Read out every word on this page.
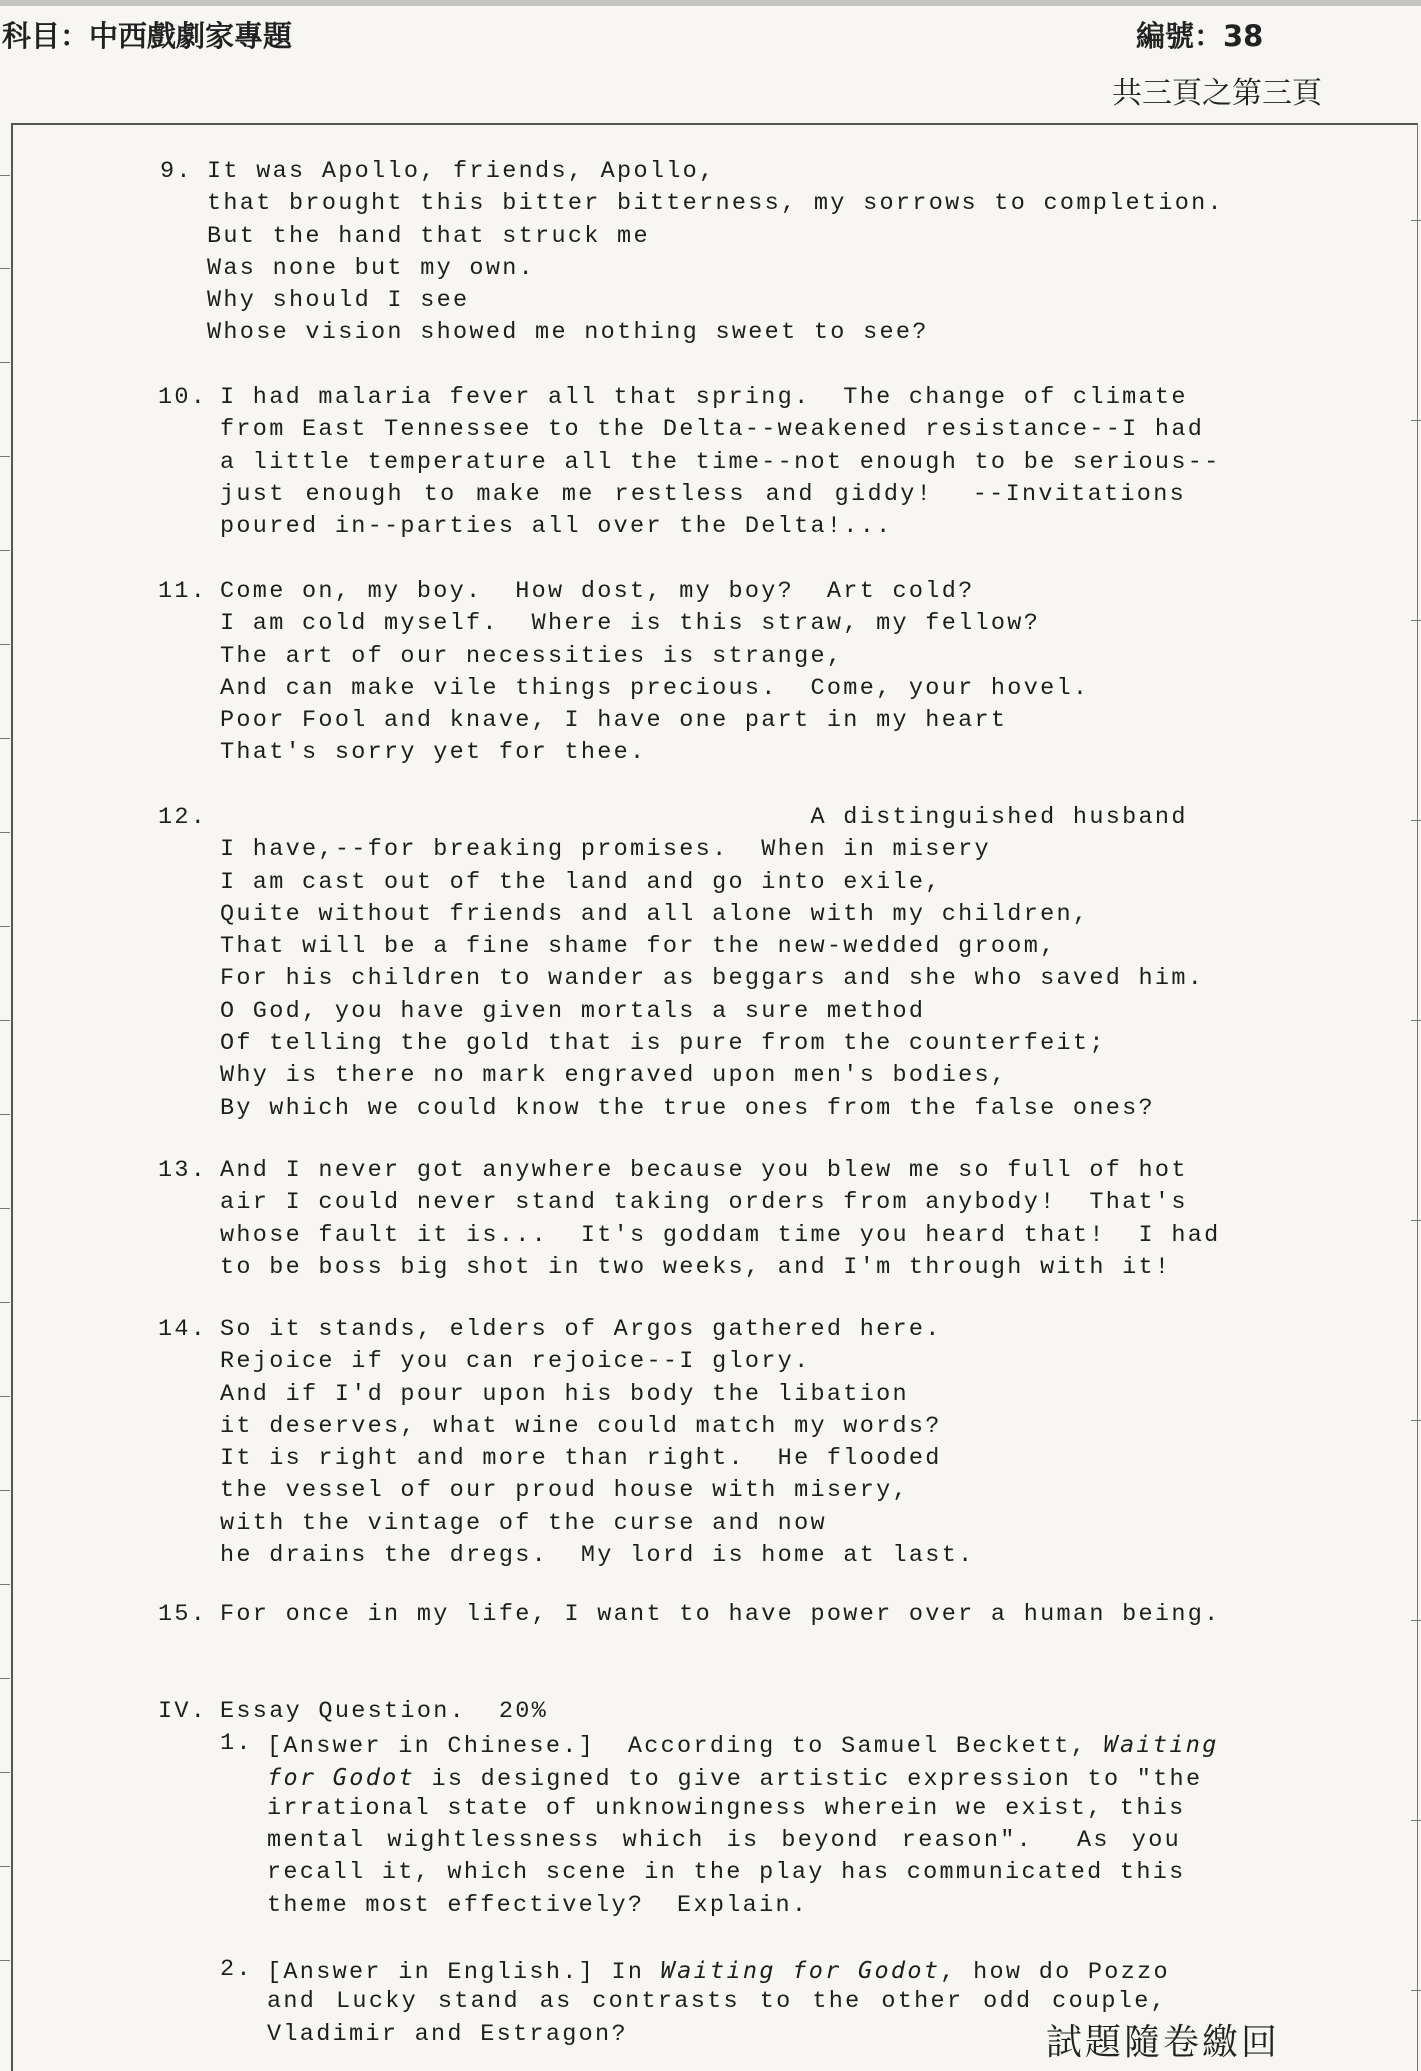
科目：中西戲劇家專題	編號：38
共三頁之第三頁
9. It was Apollo, friends, Apollo,
that brought this bitter bitterness, my sorrows to completion.
But the hand that struck me
Was none but my own.
Why should I see
Whose vision showed me nothing sweet to see?
10. I had malaria fever all that spring.  The change of climate
from East Tennessee to the Delta--weakened resistance--I had
a little temperature all the time--not enough to be serious--
just enough to make me restless and giddy!  --Invitations
poured in--parties all over the Delta!...
11. Come on, my boy.  How dost, my boy?  Art cold?
I am cold myself.  Where is this straw, my fellow?
The art of our necessities is strange,
And can make vile things precious.  Come, your hovel.
Poor Fool and knave, I have one part in my heart
That's sorry yet for thee.
12. A distinguished husband
I have,--for breaking promises.  When in misery
I am cast out of the land and go into exile,
Quite without friends and all alone with my children,
That will be a fine shame for the new-wedded groom,
For his children to wander as beggars and she who saved him.
O God, you have given mortals a sure method
Of telling the gold that is pure from the counterfeit;
Why is there no mark engraved upon men's bodies,
By which we could know the true ones from the false ones?
13. And I never got anywhere because you blew me so full of hot
air I could never stand taking orders from anybody!  That's
whose fault it is...  It's goddam time you heard that!  I had
to be boss big shot in two weeks, and I'm through with it!
14. So it stands, elders of Argos gathered here.
Rejoice if you can rejoice--I glory.
And if I'd pour upon his body the libation
it deserves, what wine could match my words?
It is right and more than right.  He flooded
the vessel of our proud house with misery,
with the vintage of the curse and now
he drains the dregs.  My lord is home at last.
15. For once in my life, I want to have power over a human being.
IV. Essay Question.  20%
1. [Answer in Chinese.]  According to Samuel Beckett, Waiting
for Godot is designed to give artistic expression to "the
irrational state of unknowingness wherein we exist, this
mental wightlessness which is beyond reason".  As you
recall it, which scene in the play has communicated this
theme most effectively?  Explain.
2. [Answer in English.] In Waiting for Godot, how do Pozzo
and Lucky stand as contrasts to the other odd couple,
Vladimir and Estragon?	試題隨卷繳回
